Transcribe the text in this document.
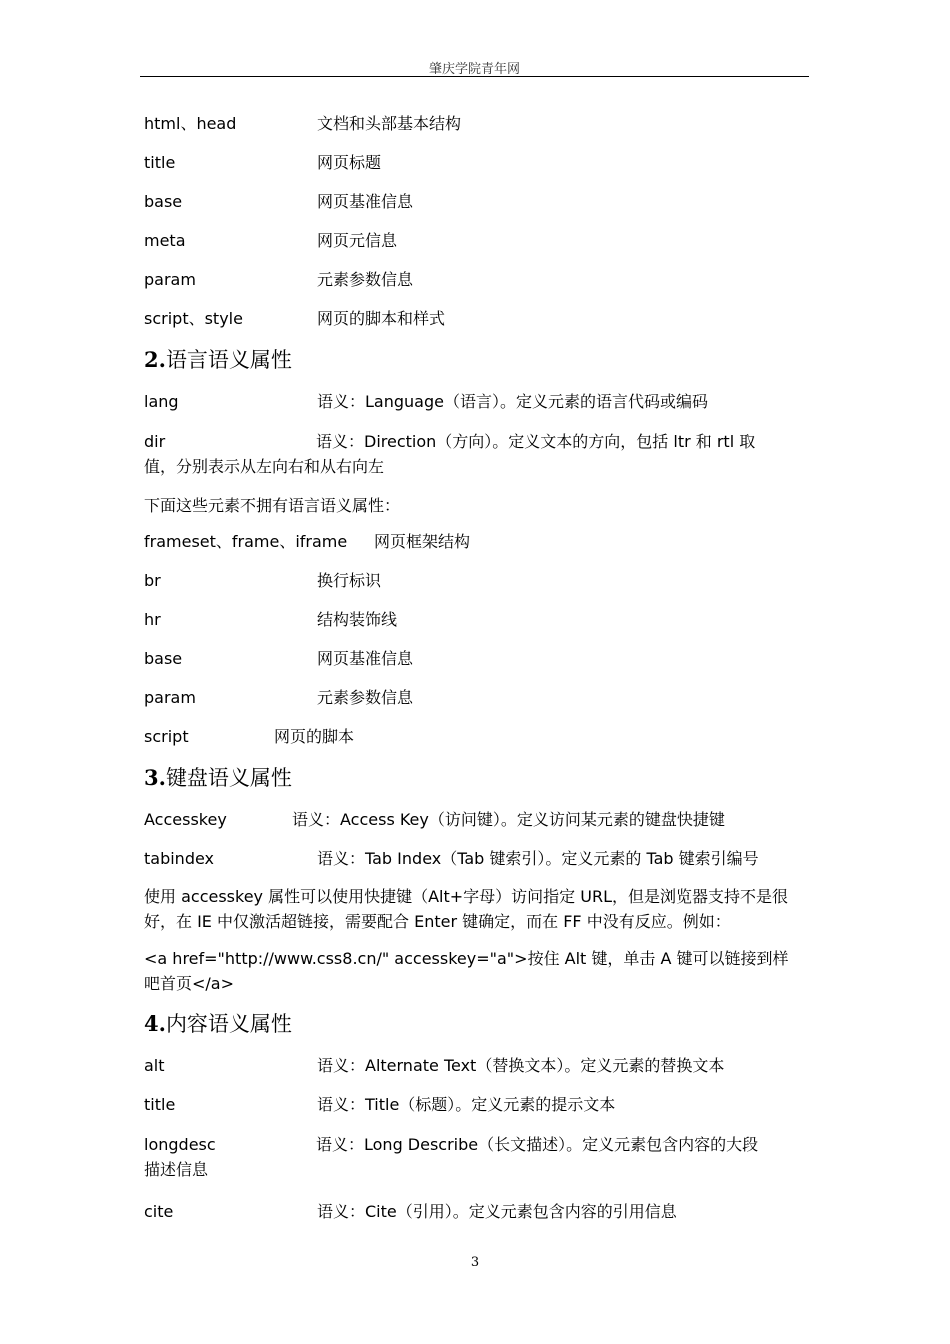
肇庆学院青年网
html、head	文档和头部基本结构
title	网页标题
base	网页基准信息
meta	网页元信息
param	元素参数信息
script、style	网页的脚本和样式
2.语言语义属性
lang	语义：Language（语言）。定义元素的语言代码或编码
dir	语义：Direction（方向）。定义文本的方向，包括 ltr 和 rtl 取
值，分别表示从左向右和从右向左
下面这些元素不拥有语言语义属性：
frameset、frame、iframe 网页框架结构
br	换行标识
hr	结构装饰线
base	网页基准信息
param	元素参数信息
script	网页的脚本
3.键盘语义属性
Accesskey	语义：Access Key（访问键）。定义访问某元素的键盘快捷键
tabindex	语义：Tab Index（Tab 键索引）。定义元素的 Tab 键索引编号
使用 accesskey 属性可以使用快捷键（Alt+字母）访问指定 URL，但是浏览器支持不是很好，在 IE 中仅激活超链接，需要配合 Enter 键确定，而在 FF 中没有反应。例如：
<a href="http://www.css8.cn/" accesskey="a">按住 Alt 键，单击 A 键可以链接到样吧首页</a>
4.内容语义属性
alt	语义：Alternate Text（替换文本）。定义元素的替换文本
title	语义：Title（标题）。定义元素的提示文本
longdesc	语义：Long Describe（长文描述）。定义元素包含内容的大段
描述信息
cite	语义：Cite（引用）。定义元素包含内容的引用信息
3
